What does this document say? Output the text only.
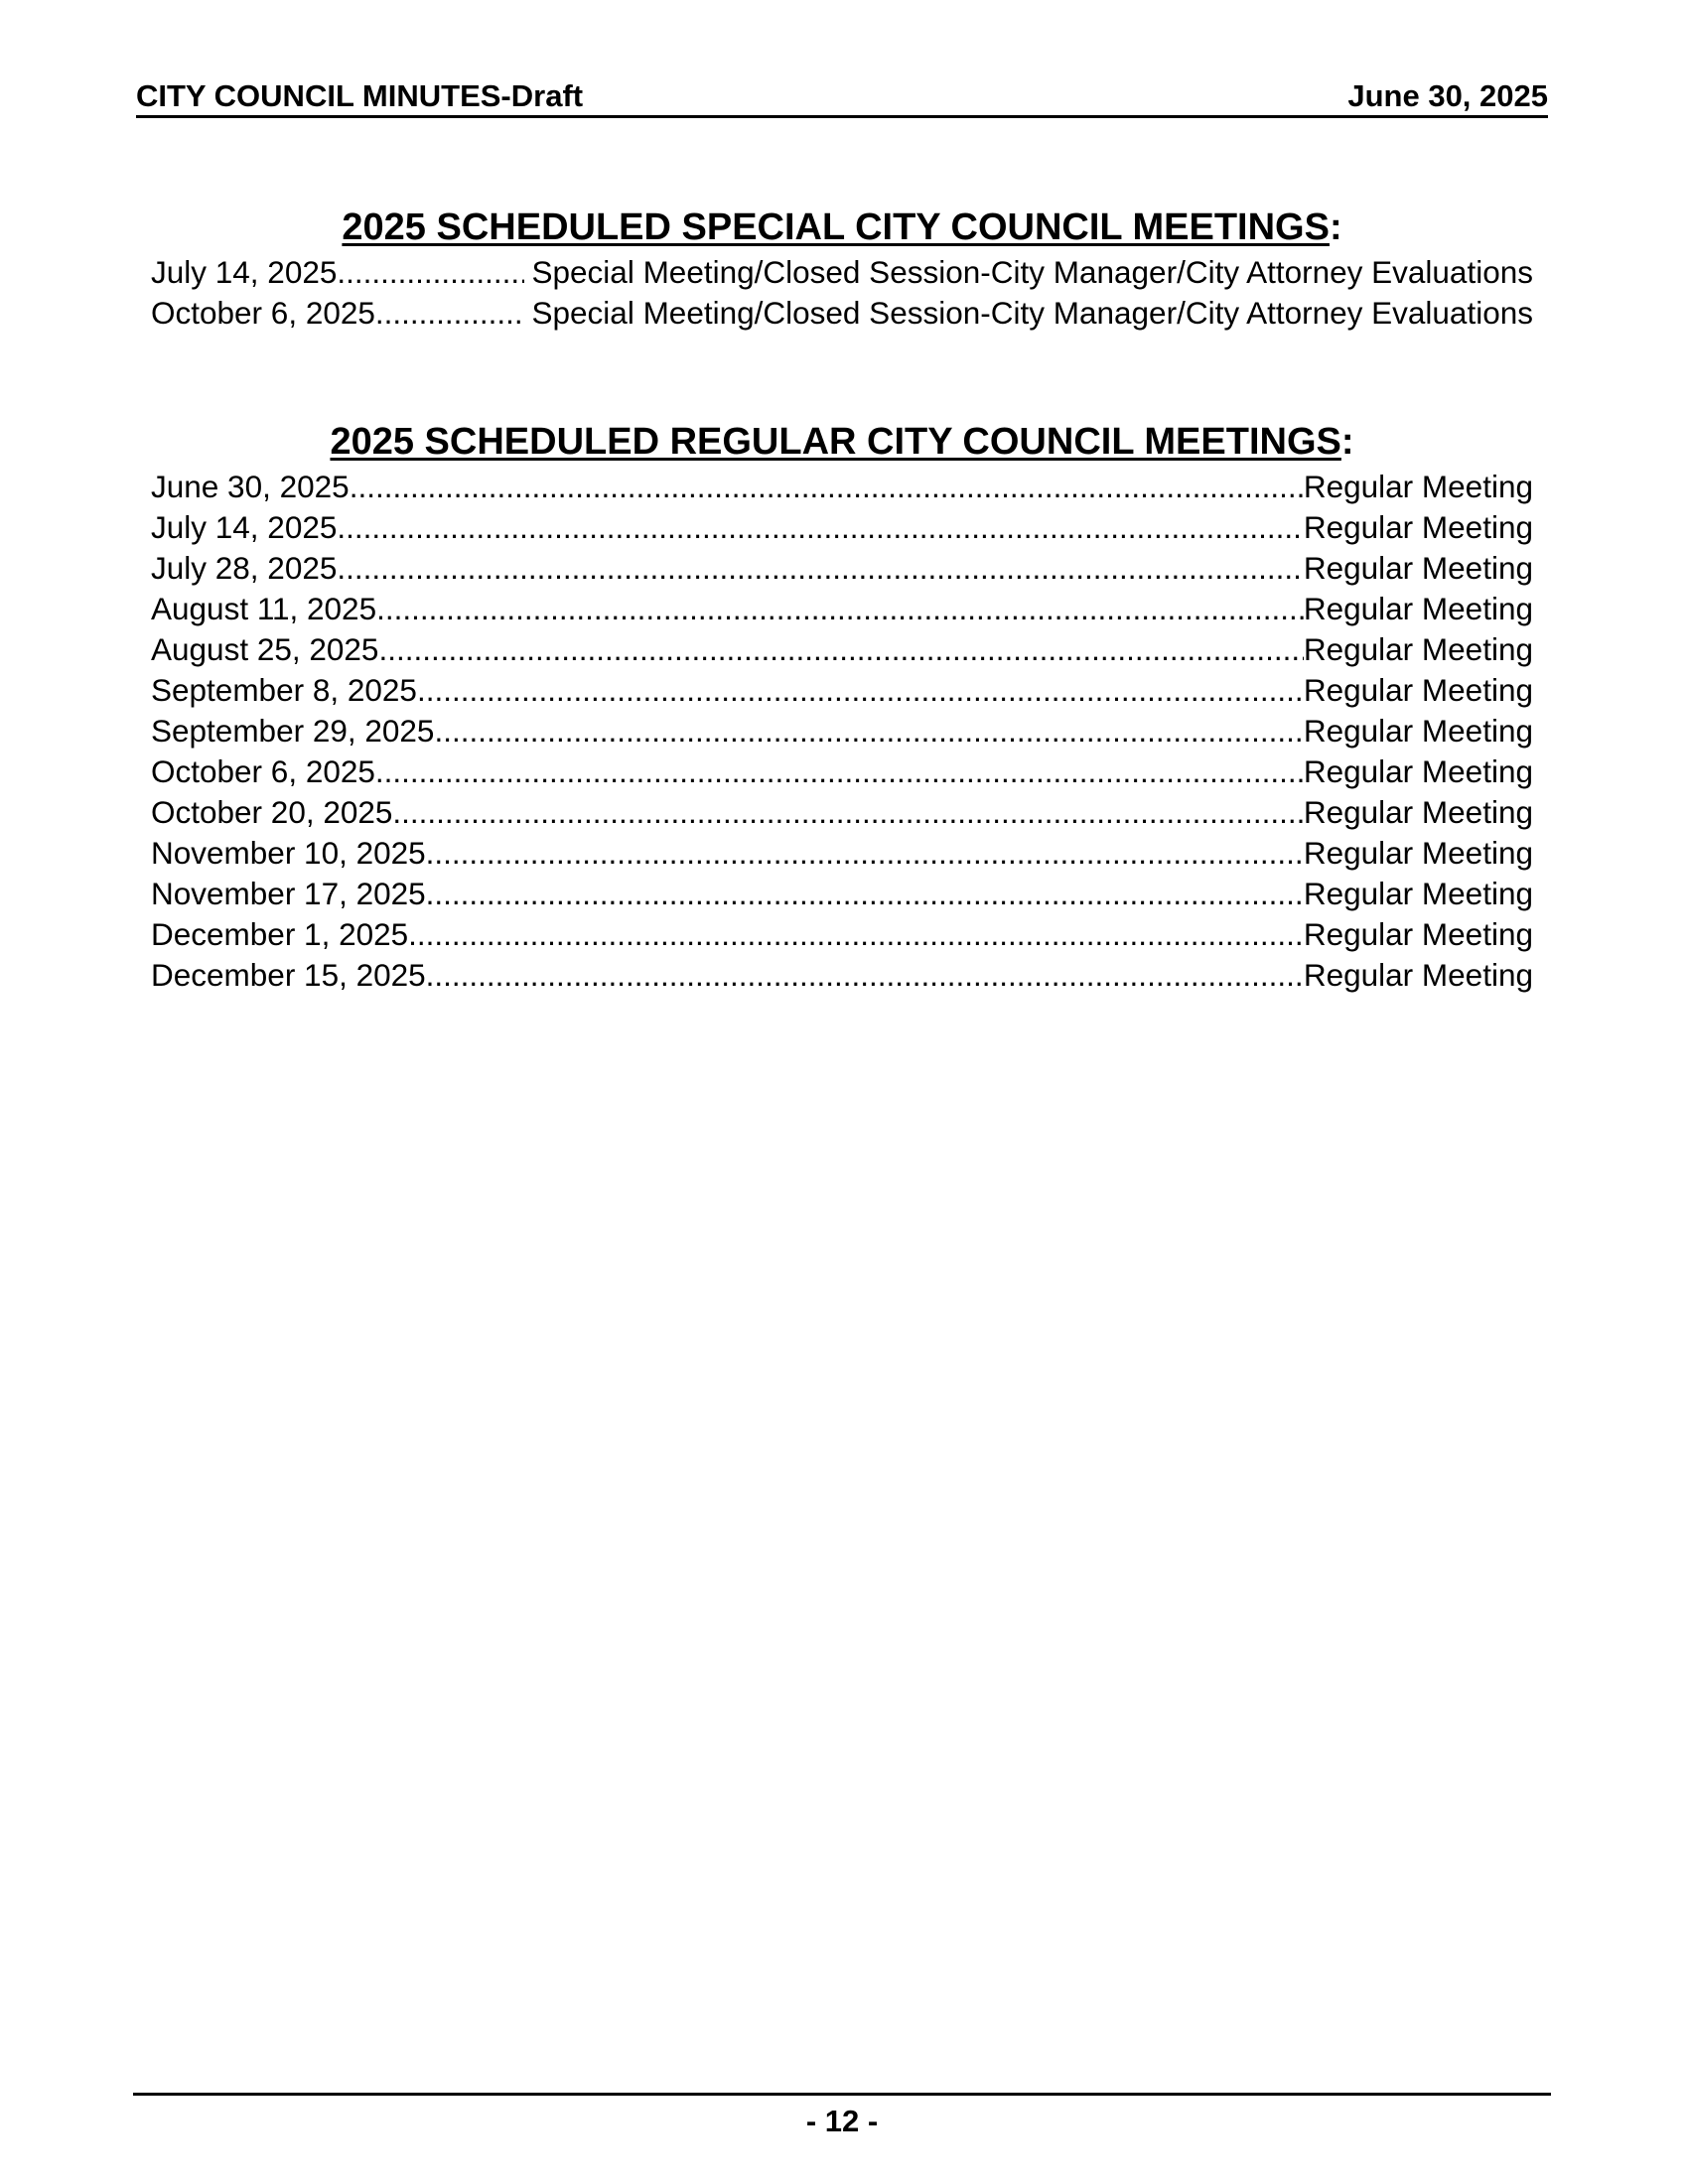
CITY COUNCIL MINUTES-Draft	June 30, 2025
2025 SCHEDULED SPECIAL CITY COUNCIL MEETINGS:
July 14, 2025 .....	Special Meeting/Closed Session-City Manager/City Attorney Evaluations
October 6, 2025 .....	Special Meeting/Closed Session-City Manager/City Attorney Evaluations
2025 SCHEDULED REGULAR CITY COUNCIL MEETINGS:
June 30, 2025 .....	Regular Meeting
July 14, 2025 .....	Regular Meeting
July 28, 2025 .....	Regular Meeting
August 11, 2025 .....	Regular Meeting
August 25, 2025 .....	Regular Meeting
September 8, 2025 .....	Regular Meeting
September 29, 2025 .....	Regular Meeting
October 6, 2025 .....	Regular Meeting
October 20, 2025 .....	Regular Meeting
November 10, 2025 .....	Regular Meeting
November 17, 2025 .....	Regular Meeting
December 1, 2025 .....	Regular Meeting
December 15, 2025 .....	Regular Meeting
- 12 -
